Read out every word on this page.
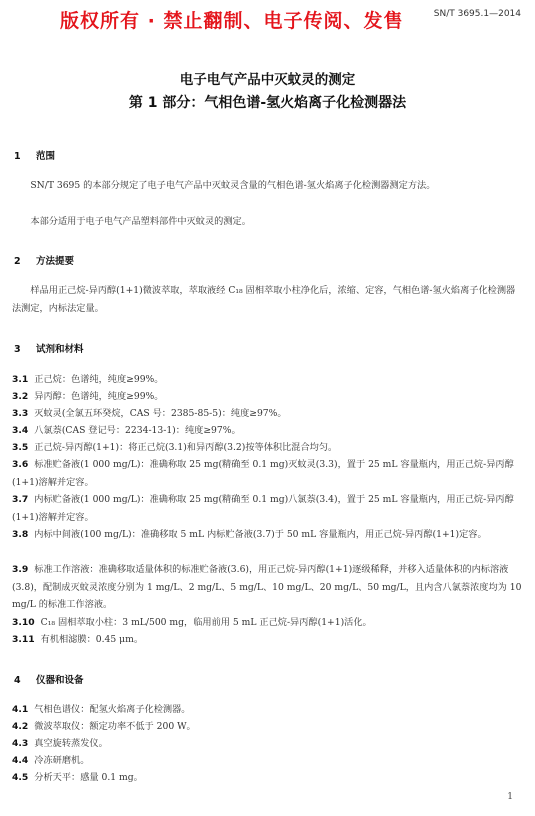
版权所有 · 禁止翻制、电子传阅、发售	SN/T 3695.1—2014
电子电气产品中灭蚊灵的测定
第 1 部分：气相色谱-氢火焰离子化检测器法
1 范围
SN/T 3695 的本部分规定了电子电气产品中灭蚊灵含量的气相色谱-氢火焰离子化检测器测定方法。
本部分适用于电子电气产品塑料部件中灭蚊灵的测定。
2 方法提要
样品用正己烷-异丙醇(1+1)微波萃取，萃取液经 C₁₈ 固相萃取小柱净化后，浓缩、定容，气相色谱-氢火焰离子化检测器法测定，内标法定量。
3 试剂和材料
3.1 正己烷：色谱纯，纯度≥99%。
3.2 异丙醇：色谱纯，纯度≥99%。
3.3 灭蚊灵(全氯五环癸烷，CAS 号：2385-85-5)：纯度≥97%。
3.4 八氯萘(CAS 登记号：2234-13-1)：纯度≥97%。
3.5 正己烷-异丙醇(1+1)：将正己烷(3.1)和异丙醇(3.2)按等体积比混合均匀。
3.6 标准贮备液(1 000 mg/L)：准确称取 25 mg(精确至 0.1 mg)灭蚊灵(3.3)，置于 25 mL 容量瓶内，用正己烷-异丙醇(1+1)溶解并定容。
3.7 内标贮备液(1 000 mg/L)：准确称取 25 mg(精确至 0.1 mg)八氯萘(3.4)，置于 25 mL 容量瓶内，用正己烷-异丙醇(1+1)溶解并定容。
3.8 内标中间液(100 mg/L)：准确移取 5 mL 内标贮备液(3.7)于 50 mL 容量瓶内，用正己烷-异丙醇(1+1)定容。
3.9 标准工作溶液：准确移取适量体积的标准贮备液(3.6)，用正己烷-异丙醇(1+1)逐级稀释，并移入适量体积的内标溶液(3.8)，配制成灭蚊灵浓度分别为 1 mg/L、2 mg/L、5 mg/L、10 mg/L、20 mg/L、50 mg/L，且内含八氯萘浓度均为 10 mg/L 的标准工作溶液。
3.10 C₁₈ 固相萃取小柱：3 mL/500 mg，临用前用 5 mL 正己烷-异丙醇(1+1)活化。
3.11 有机相滤膜：0.45 μm。
4 仪器和设备
4.1 气相色谱仪：配氢火焰离子化检测器。
4.2 微波萃取仪：额定功率不低于 200 W。
4.3 真空旋转蒸发仪。
4.4 冷冻研磨机。
4.5 分析天平：感量 0.1 mg。
1
